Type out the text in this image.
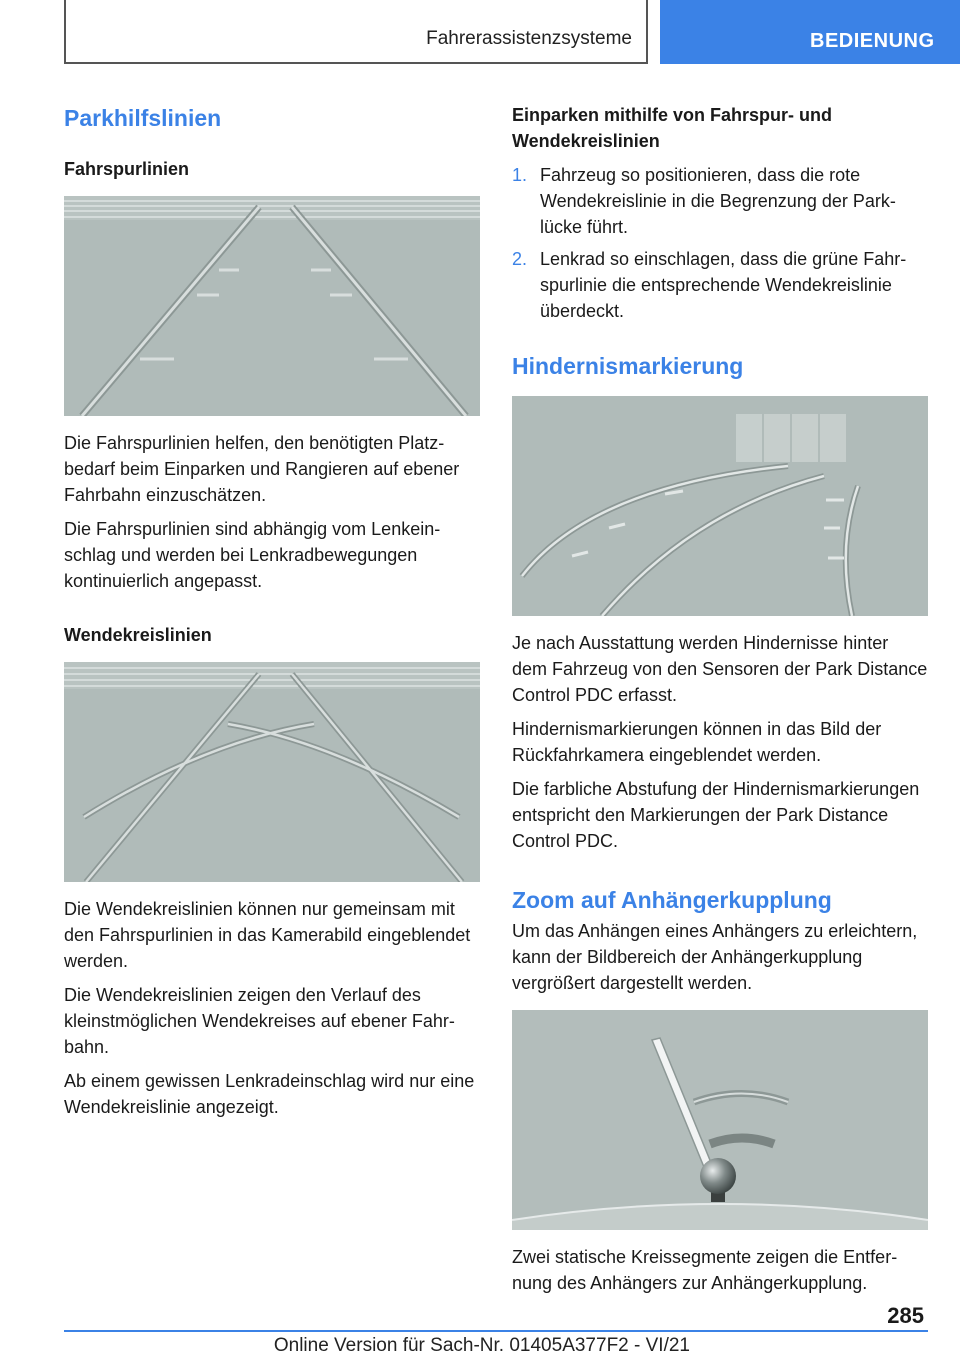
Fahrerassistenzsysteme	BEDIENUNG
Parkhilfslinien
Fahrspurlinien

Die Fahrspurlinien helfen, den benötigten Platzbedarf beim Einparken und Rangieren auf ebener Fahrbahn einzuschätzen.

Die Fahrspurlinien sind abhängig vom Lenkeinschlag und werden bei Lenkradbewegungen kontinuierlich angepasst.

Wendekreislinien

Die Wendekreislinien können nur gemeinsam mit den Fahrspurlinien in das Kamerabild eingeblendet werden.

Die Wendekreislinien zeigen den Verlauf des kleinstmöglichen Wendekreises auf ebener Fahrbahn.

Ab einem gewissen Lenkradeinschlag wird nur eine Wendekreislinie angezeigt.

Einparken mithilfe von Fahrspur- und Wendekreislinien
1. Fahrzeug so positionieren, dass die rote Wendekreislinie in die Begrenzung der Parklücke führt.
2. Lenkrad so einschlagen, dass die grüne Fahrspurlinie die entsprechende Wendekreislinie überdeckt.
Hindernismarkierung

Je nach Ausstattung werden Hindernisse hinter dem Fahrzeug von den Sensoren der Park Distance Control PDC erfasst.

Hindernismarkierungen können in das Bild der Rückfahrkamera eingeblendet werden.

Die farbliche Abstufung der Hindernismarkierungen entspricht den Markierungen der Park Distance Control PDC.

Zoom auf Anhängerkupplung

Um das Anhängen eines Anhängers zu erleichtern, kann der Bildbereich der Anhängerkupplung vergrößert dargestellt werden.

Zwei statische Kreissegmente zeigen die Entfernung des Anhängers zur Anhängerkupplung.

285
Online Version für Sach-Nr. 01405A377F2 - VI/21
